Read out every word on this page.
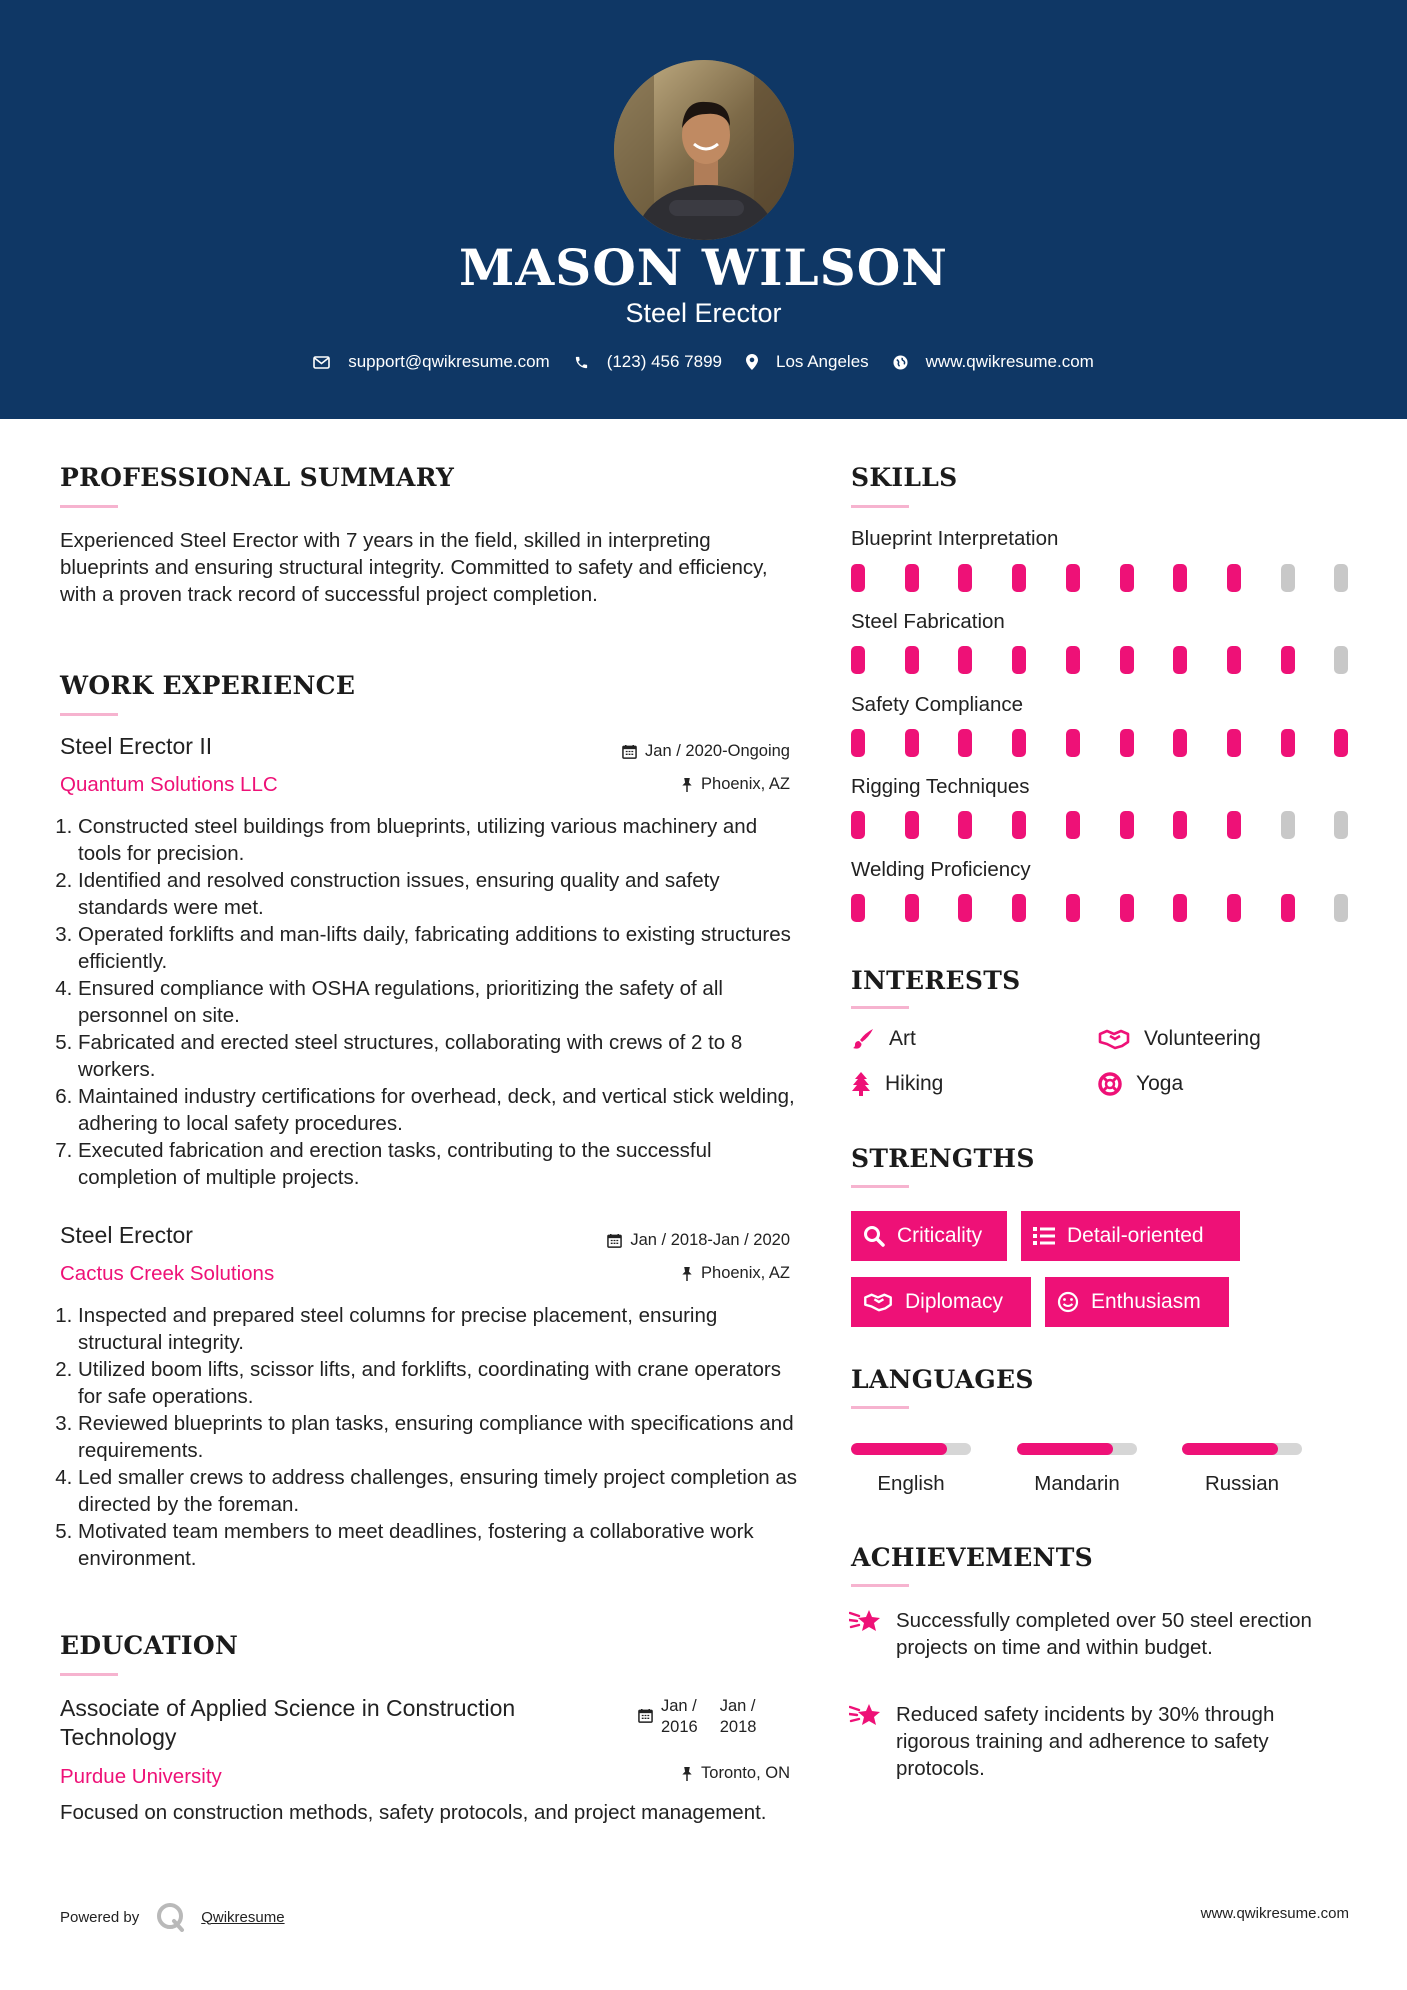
MASON WILSON
Steel Erector
support@qwikresume.com	(123) 456 7899	Los Angeles	www.qwikresume.com
PROFESSIONAL SUMMARY
Experienced Steel Erector with 7 years in the field, skilled in interpreting blueprints and ensuring structural integrity. Committed to safety and efficiency, with a proven track record of successful project completion.
WORK EXPERIENCE
Steel Erector II
Quantum Solutions LLC
Jan / 2020-Ongoing
Phoenix, AZ
1. Constructed steel buildings from blueprints, utilizing various machinery and tools for precision.
2. Identified and resolved construction issues, ensuring quality and safety standards were met.
3. Operated forklifts and man-lifts daily, fabricating additions to existing structures efficiently.
4. Ensured compliance with OSHA regulations, prioritizing the safety of all personnel on site.
5. Fabricated and erected steel structures, collaborating with crews of 2 to 8 workers.
6. Maintained industry certifications for overhead, deck, and vertical stick welding, adhering to local safety procedures.
7. Executed fabrication and erection tasks, contributing to the successful completion of multiple projects.
Steel Erector
Cactus Creek Solutions
Jan / 2018-Jan / 2020
Phoenix, AZ
1. Inspected and prepared steel columns for precise placement, ensuring structural integrity.
2. Utilized boom lifts, scissor lifts, and forklifts, coordinating with crane operators for safe operations.
3. Reviewed blueprints to plan tasks, ensuring compliance with specifications and requirements.
4. Led smaller crews to address challenges, ensuring timely project completion as directed by the foreman.
5. Motivated team members to meet deadlines, fostering a collaborative work environment.
EDUCATION
Associate of Applied Science in Construction Technology
Purdue University
Jan /
2016
Jan /
2018
Toronto, ON
Focused on construction methods, safety protocols, and project management.
SKILLS
Blueprint Interpretation
Steel Fabrication
Safety Compliance
Rigging Techniques
Welding Proficiency
INTERESTS
Art	Volunteering
Hiking	Yoga
STRENGTHS
Criticality	Detail-oriented
Diplomacy	Enthusiasm
LANGUAGES
English	Mandarin	Russian
ACHIEVEMENTS
Successfully completed over 50 steel erection projects on time and within budget.
Reduced safety incidents by 30% through rigorous training and adherence to safety protocols.
Powered by	Qwikresume	www.qwikresume.com
